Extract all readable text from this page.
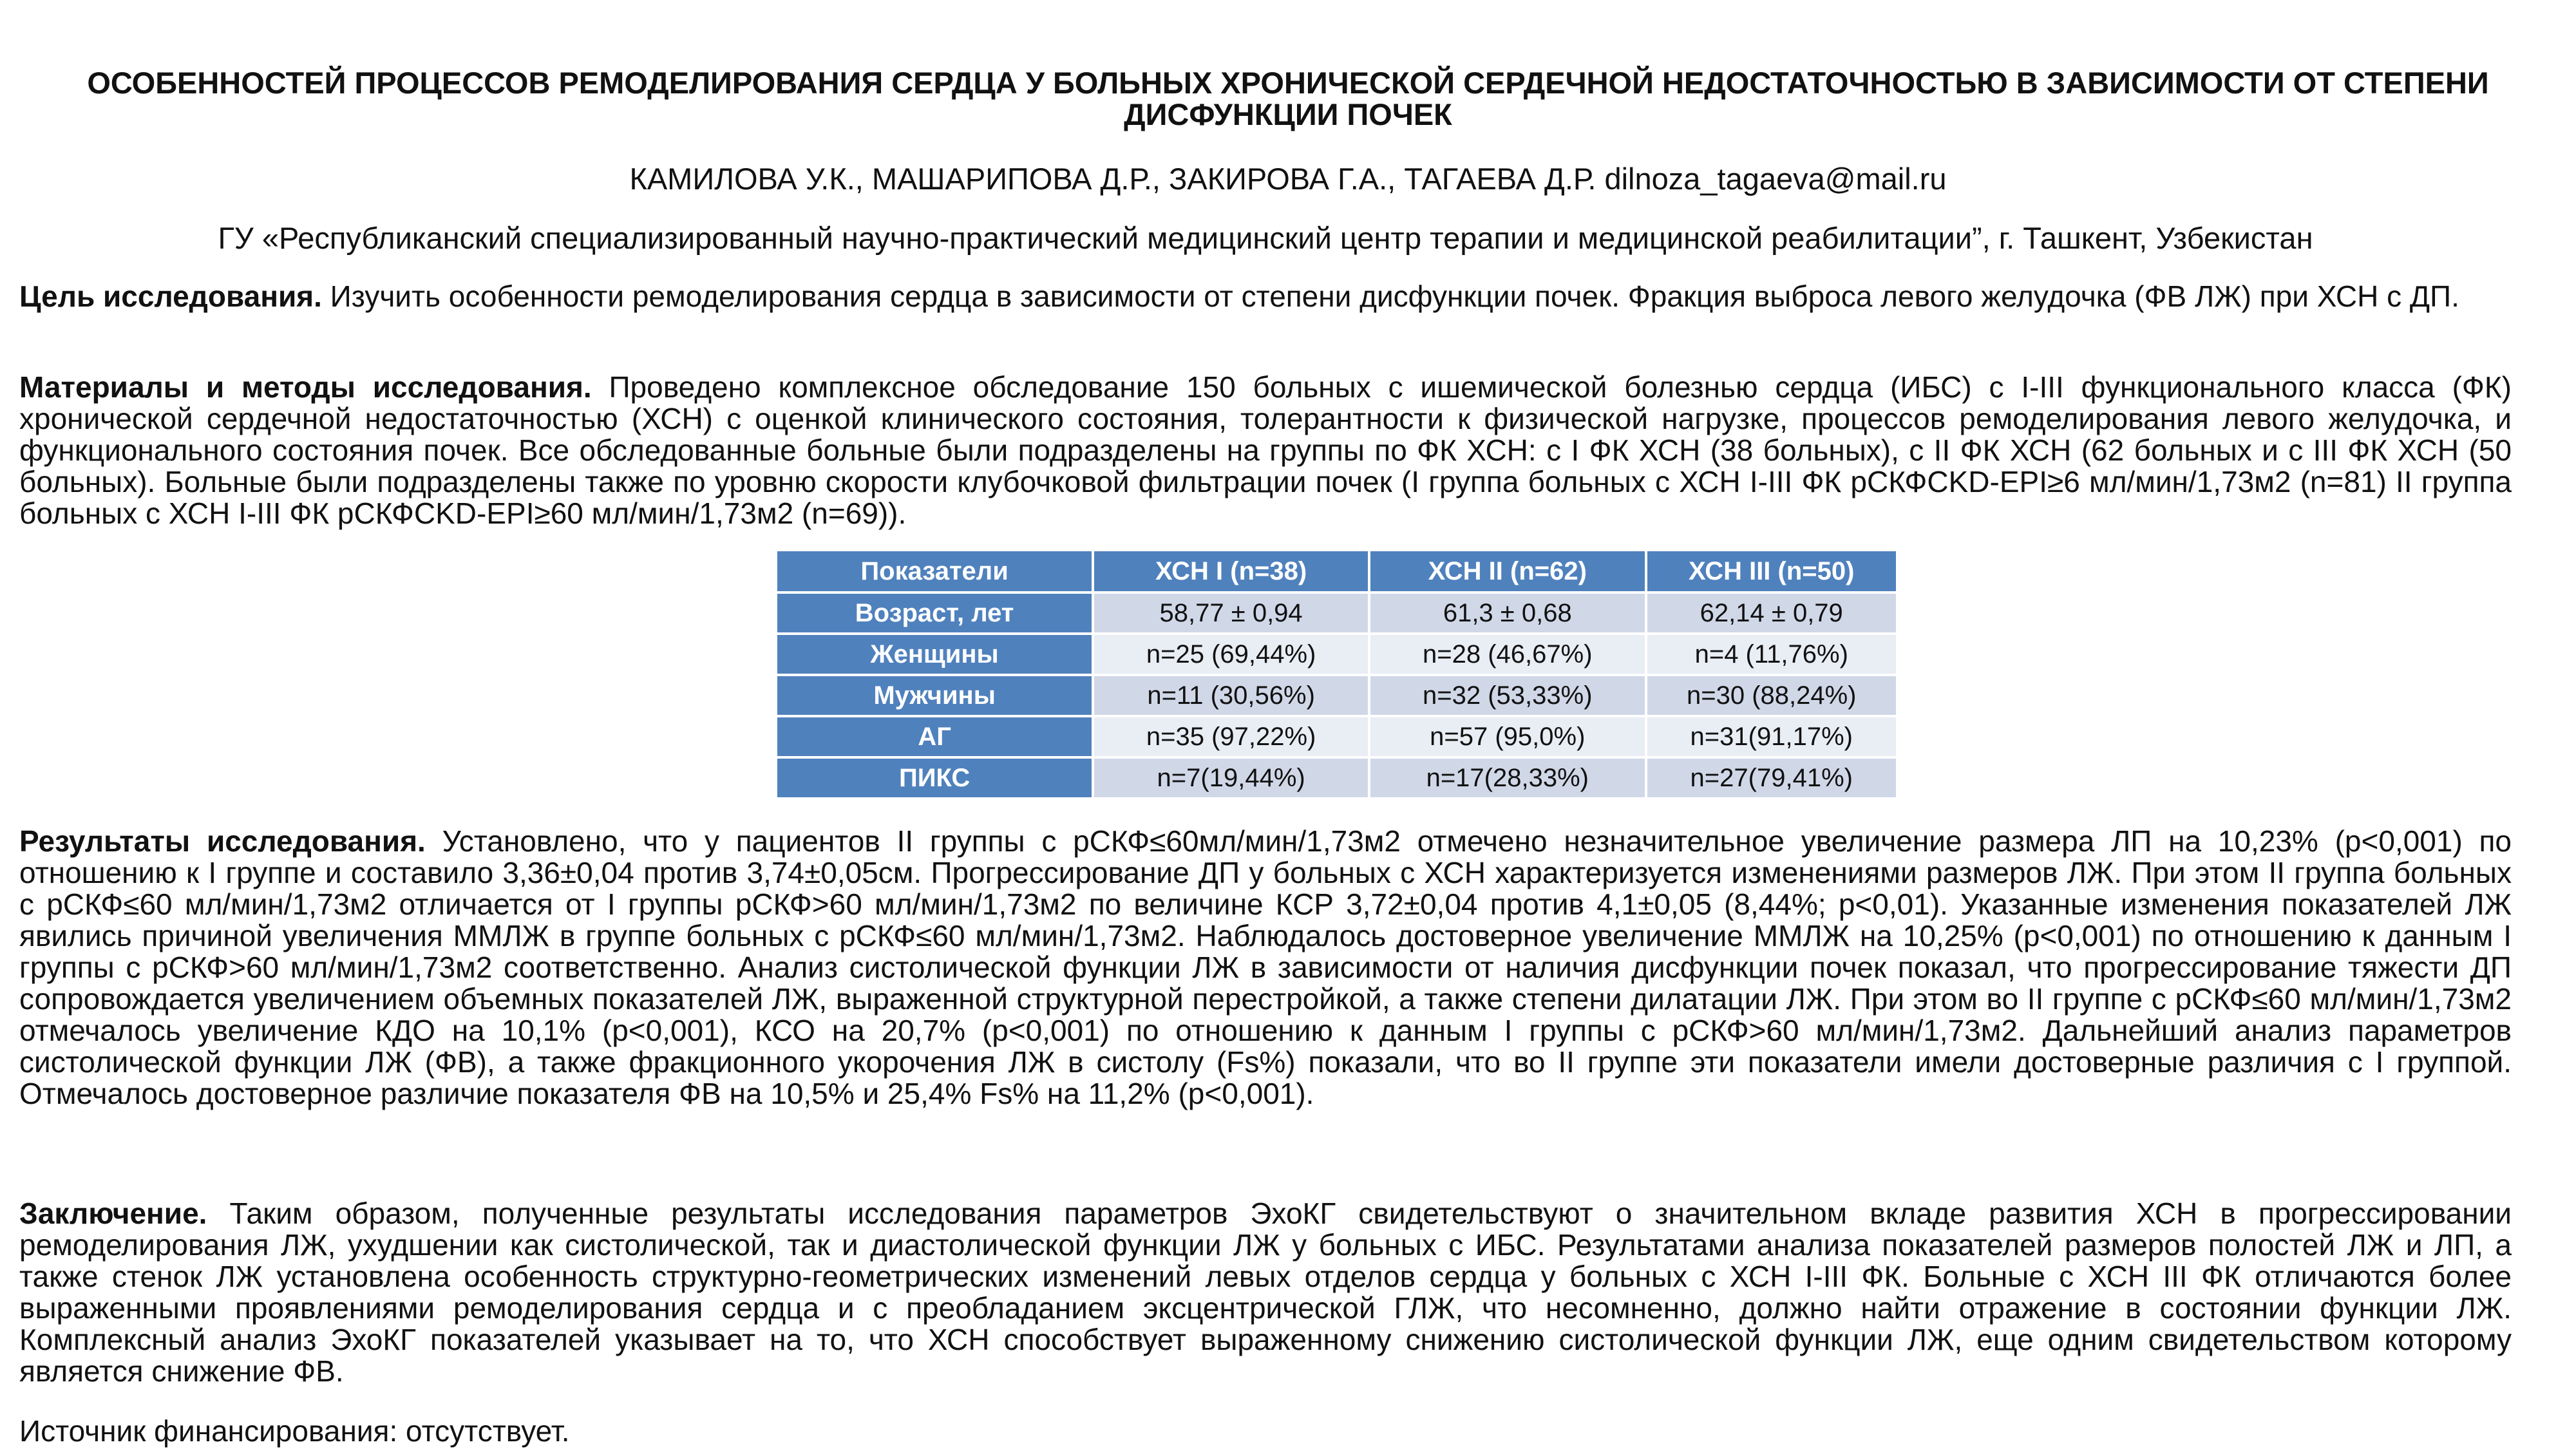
ОСОБЕННОСТЕЙ ПРОЦЕССОВ РЕМОДЕЛИРОВАНИЯ СЕРДЦА У БОЛЬНЫХ ХРОНИЧЕСКОЙ СЕРДЕЧНОЙ НЕДОСТАТОЧНОСТЬЮ В ЗАВИСИМОСТИ ОТ СТЕПЕНИ ДИСФУНКЦИИ ПОЧЕК
КАМИЛОВА У.К., МАШАРИПОВА Д.Р., ЗАКИРОВА Г.А., ТАГАЕВА Д.Р. dilnoza_tagaeva@mail.ru
ГУ «Республиканский специализированный научно-практический медицинский центр терапии и медицинской реабилитации”, г. Ташкент, Узбекистан
Цель исследования. Изучить особенности ремоделирования сердца в зависимости от степени дисфункции почек. Фракция выброса левого желудочка (ФВ ЛЖ) при ХСН с ДП.
Материалы и методы исследования. Проведено комплексное обследование 150 больных с ишемической болезнью сердца (ИБС) с I-III функционального класса (ФК) хронической сердечной недостаточностью (ХСН) с оценкой клинического состояния, толерантности к физической нагрузке, процессов ремоделирования левого желудочка, и функционального состояния почек. Все обследованные больные были подразделены на группы по ФК ХСН: с I ФК ХСН (38 больных), с II ФК ХСН (62 больных и с III ФК ХСН (50 больных). Больные были подразделены также по уровню скорости клубочковой фильтрации почек (I группа больных с ХСН I-III ФК рСКФCKD-EPI≥6 мл/мин/1,73м2 (n=81) II группа больных с ХСН I-III ФК рСКФCKD-EPI≥60 мл/мин/1,73м2 (n=69)).
Показатели	ХСН I (n=38)	ХСН II (n=62)	ХСН III (n=50)
Возраст, лет	58,77 ± 0,94	61,3 ± 0,68	62,14 ± 0,79
Женщины	n=25 (69,44%)	n=28 (46,67%)	n=4 (11,76%)
Мужчины	n=11 (30,56%)	n=32 (53,33%)	n=30 (88,24%)
АГ	n=35 (97,22%)	n=57 (95,0%)	n=31(91,17%)
ПИКС	n=7(19,44%)	n=17(28,33%)	n=27(79,41%)
Результаты исследования. Установлено, что у пациентов II группы с рСКФ≤60мл/мин/1,73м2 отмечено незначительное увеличение размера ЛП на 10,23% (p<0,001) по отношению к I группе и составило 3,36±0,04 против 3,74±0,05см. Прогрессирование ДП у больных с ХСН характеризуется изменениями размеров ЛЖ. При этом II группа больных с рСКФ≤60 мл/мин/1,73м2 отличается от I группы рСКФ>60 мл/мин/1,73м2 по величине КСР 3,72±0,04 против 4,1±0,05 (8,44%; р<0,01). Указанные изменения показателей ЛЖ явились причиной увеличения ММЛЖ в группе больных с рСКФ≤60 мл/мин/1,73м2. Наблюдалось достоверное увеличение ММЛЖ на 10,25% (р<0,001) по отношению к данным I группы с рСКФ>60 мл/мин/1,73м2 соответственно. Анализ систолической функции ЛЖ в зависимости от наличия дисфункции почек показал, что прогрессирование тяжести ДП сопровождается увеличением объемных показателей ЛЖ, выраженной структурной перестройкой, а также степени дилатации ЛЖ. При этом во II группе с рСКФ≤60 мл/мин/1,73м2 отмечалось увеличение КДО на 10,1% (р<0,001), КСО на 20,7% (р<0,001) по отношению к данным I группы с рСКФ>60 мл/мин/1,73м2. Дальнейший анализ параметров систолической функции ЛЖ (ФВ), а также фракционного укорочения ЛЖ в систолу (Fs%) показали, что во II группе эти показатели имели достоверные различия с I группой. Отмечалось достоверное различие показателя ФВ на 10,5% и 25,4% Fs% на 11,2% (р<0,001).
Заключение. Таким образом, полученные результаты исследования параметров ЭхоКГ свидетельствуют о значительном вкладе развития ХСН в прогрессировании ремоделирования ЛЖ, ухудшении как систолической, так и диастолической функции ЛЖ у больных с ИБС. Результатами анализа показателей размеров полостей ЛЖ и ЛП, а также стенок ЛЖ установлена особенность структурно-геометрических изменений левых отделов сердца у больных с ХСН I-III ФК. Больные с ХСН III ФК отличаются более выраженными проявлениями ремоделирования сердца и с преобладанием эксцентрической ГЛЖ, что несомненно, должно найти отражение в состоянии функции ЛЖ. Комплексный анализ ЭхоКГ показателей указывает на то, что ХСН способствует выраженному снижению систолической функции ЛЖ, еще одним свидетельством которому является снижение ФВ.
Источник финансирования: отсутствует.
